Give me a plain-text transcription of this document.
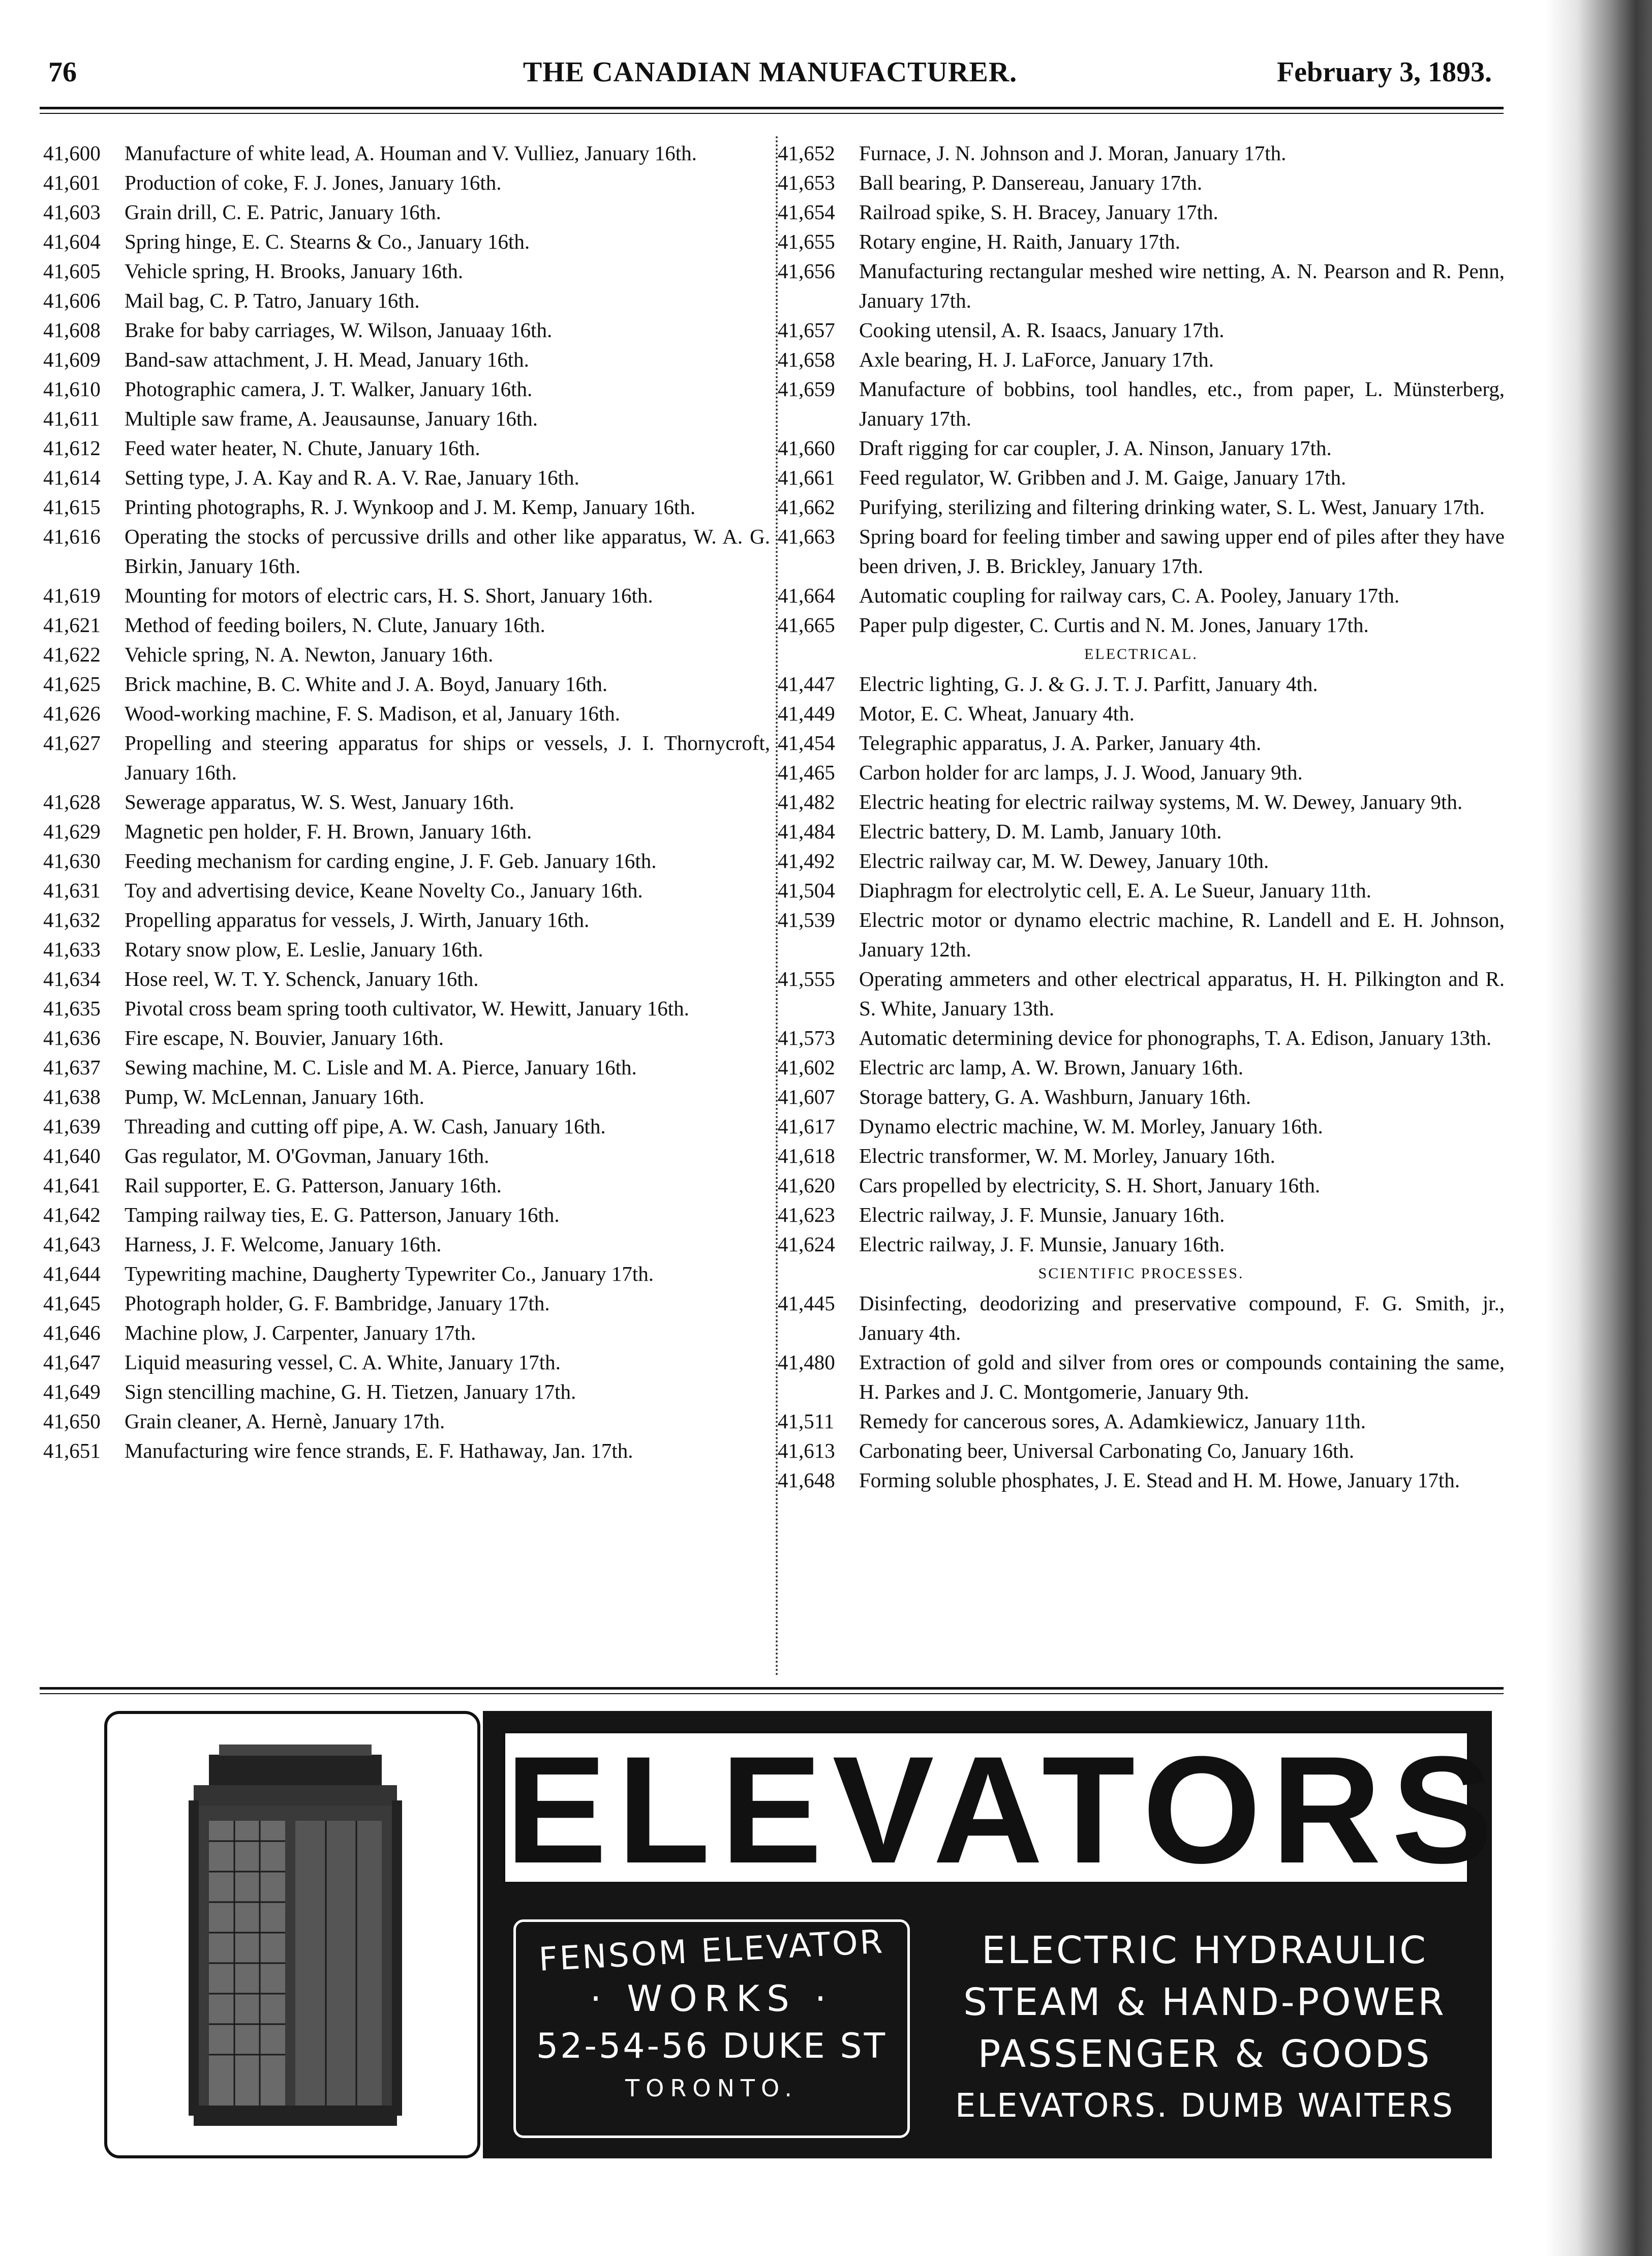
76	THE CANADIAN MANUFACTURER.	February 3, 1893.
41,600	Manufacture of white lead, A. Houman and V. Vulliez, January 16th.
41,601	Production of coke, F. J. Jones, January 16th.
41,603	Grain drill, C. E. Patric, January 16th.
41,604	Spring hinge, E. C. Stearns & Co., January 16th.
41,605	Vehicle spring, H. Brooks, January 16th.
41,606	Mail bag, C. P. Tatro, January 16th.
41,608	Brake for baby carriages, W. Wilson, Januaay 16th.
41,609	Band-saw attachment, J. H. Mead, January 16th.
41,610	Photographic camera, J. T. Walker, January 16th.
41,611	Multiple saw frame, A. Jeausaunse, January 16th.
41,612	Feed water heater, N. Chute, January 16th.
41,614	Setting type, J. A. Kay and R. A. V. Rae, January 16th.
41,615	Printing photographs, R. J. Wynkoop and J. M. Kemp, January 16th.
41,616	Operating the stocks of percussive drills and other like apparatus, W. A. G. Birkin, January 16th.
41,619	Mounting for motors of electric cars, H. S. Short, January 16th.
41,621	Method of feeding boilers, N. Clute, January 16th.
41,622	Vehicle spring, N. A. Newton, January 16th.
41,625	Brick machine, B. C. White and J. A. Boyd, January 16th.
41,626	Wood-working machine, F. S. Madison, et al, January 16th.
41,627	Propelling and steering apparatus for ships or vessels, J. I. Thornycroft, January 16th.
41,628	Sewerage apparatus, W. S. West, January 16th.
41,629	Magnetic pen holder, F. H. Brown, January 16th.
41,630	Feeding mechanism for carding engine, J. F. Geb. January 16th.
41,631	Toy and advertising device, Keane Novelty Co., January 16th.
41,632	Propelling apparatus for vessels, J. Wirth, January 16th.
41,633	Rotary snow plow, E. Leslie, January 16th.
41,634	Hose reel, W. T. Y. Schenck, January 16th.
41,635	Pivotal cross beam spring tooth cultivator, W. Hewitt, January 16th.
41,636	Fire escape, N. Bouvier, January 16th.
41,637	Sewing machine, M. C. Lisle and M. A. Pierce, January 16th.
41,638	Pump, W. McLennan, January 16th.
41,639	Threading and cutting off pipe, A. W. Cash, January 16th.
41,640	Gas regulator, M. O'Govman, January 16th.
41,641	Rail supporter, E. G. Patterson, January 16th.
41,642	Tamping railway ties, E. G. Patterson, January 16th.
41,643	Harness, J. F. Welcome, January 16th.
41,644	Typewriting machine, Daugherty Typewriter Co., January 17th.
41,645	Photograph holder, G. F. Bambridge, January 17th.
41,646	Machine plow, J. Carpenter, January 17th.
41,647	Liquid measuring vessel, C. A. White, January 17th.
41,649	Sign stencilling machine, G. H. Tietzen, January 17th.
41,650	Grain cleaner, A. Hernè, January 17th.
41,651	Manufacturing wire fence strands, E. F. Hathaway, Jan. 17th.
41,652	Furnace, J. N. Johnson and J. Moran, January 17th.
41,653	Ball bearing, P. Dansereau, January 17th.
41,654	Railroad spike, S. H. Bracey, January 17th.
41,655	Rotary engine, H. Raith, January 17th.
41,656	Manufacturing rectangular meshed wire netting, A. N. Pearson and R. Penn, January 17th.
41,657	Cooking utensil, A. R. Isaacs, January 17th.
41,658	Axle bearing, H. J. LaForce, January 17th.
41,659	Manufacture of bobbins, tool handles, etc., from paper, L. Münsterberg, January 17th.
41,660	Draft rigging for car coupler, J. A. Ninson, January 17th.
41,661	Feed regulator, W. Gribben and J. M. Gaige, January 17th.
41,662	Purifying, sterilizing and filtering drinking water, S. L. West, January 17th.
41,663	Spring board for feeling timber and sawing upper end of piles after they have been driven, J. B. Brickley, January 17th.
41,664	Automatic coupling for railway cars, C. A. Pooley, January 17th.
41,665	Paper pulp digester, C. Curtis and N. M. Jones, January 17th.
ELECTRICAL.
41,447	Electric lighting, G. J. & G. J. T. J. Parfitt, January 4th.
41,449	Motor, E. C. Wheat, January 4th.
41,454	Telegraphic apparatus, J. A. Parker, January 4th.
41,465	Carbon holder for arc lamps, J. J. Wood, January 9th.
41,482	Electric heating for electric railway systems, M. W. Dewey, January 9th.
41,484	Electric battery, D. M. Lamb, January 10th.
41,492	Electric railway car, M. W. Dewey, January 10th.
41,504	Diaphragm for electrolytic cell, E. A. Le Sueur, January 11th.
41,539	Electric motor or dynamo electric machine, R. Landell and E. H. Johnson, January 12th.
41,555	Operating ammeters and other electrical apparatus, H. H. Pilkington and R. S. White, January 13th.
41,573	Automatic determining device for phonographs, T. A. Edison, January 13th.
41,602	Electric arc lamp, A. W. Brown, January 16th.
41,607	Storage battery, G. A. Washburn, January 16th.
41,617	Dynamo electric machine, W. M. Morley, January 16th.
41,618	Electric transformer, W. M. Morley, January 16th.
41,620	Cars propelled by electricity, S. H. Short, January 16th.
41,623	Electric railway, J. F. Munsie, January 16th.
41,624	Electric railway, J. F. Munsie, January 16th.
SCIENTIFIC PROCESSES.
41,445	Disinfecting, deodorizing and preservative compound, F. G. Smith, jr., January 4th.
41,480	Extraction of gold and silver from ores or compounds containing the same, H. Parkes and J. C. Montgomerie, January 9th.
41,511	Remedy for cancerous sores, A. Adamkiewicz, January 11th.
41,613	Carbonating beer, Universal Carbonating Co, January 16th.
41,648	Forming soluble phosphates, J. E. Stead and H. M. Howe, January 17th.
ELEVATORS
FENSOM ELEVATOR
· WORKS ·
52-54-56 DUKE ST
TORONTO.
ELECTRIC HYDRAULIC
STEAM & HAND-POWER
PASSENGER & GOODS
ELEVATORS. DUMB WAITERS
